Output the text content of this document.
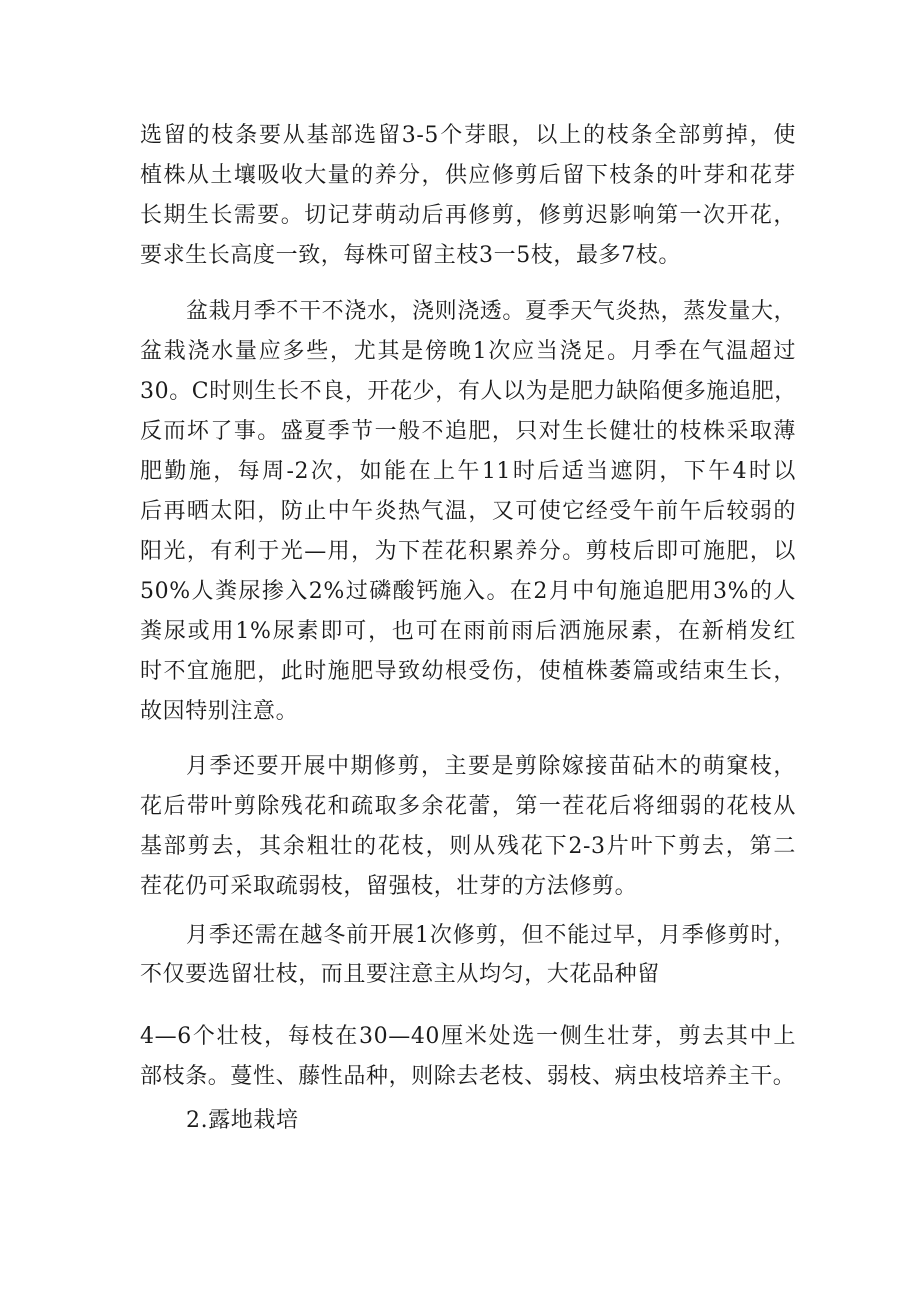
选留的枝条要从基部选留3-5个芽眼，以上的枝条全部剪掉，使
植株从土壤吸收大量的养分，供应修剪后留下枝条的叶芽和花芽
长期生长需要。切记芽萌动后再修剪，修剪迟影响第一次开花，
要求生长高度一致，每株可留主枝3一5枝，最多7枝。
盆栽月季不干不浇水，浇则浇透。夏季天气炎热，蒸发量大，
盆栽浇水量应多些，尤其是傍晚1次应当浇足。月季在气温超过
30。C时则生长不良，开花少，有人以为是肥力缺陷便多施追肥，
反而坏了事。盛夏季节一般不追肥，只对生长健壮的枝株采取薄
肥勤施，每周-2次，如能在上午11时后适当遮阴，下午4时以
后再晒太阳，防止中午炎热气温，又可使它经受午前午后较弱的
阳光，有利于光—用，为下茬花积累养分。剪枝后即可施肥，以
50%人粪尿掺入2%过磷酸钙施入。在2月中旬施追肥用3%的人
粪尿或用1%尿素即可，也可在雨前雨后洒施尿素，在新梢发红
时不宜施肥，此时施肥导致幼根受伤，使植株萎篇或结束生长，
故因特别注意。
月季还要开展中期修剪，主要是剪除嫁接苗砧木的萌窠枝，
花后带叶剪除残花和疏取多余花蕾，第一茬花后将细弱的花枝从
基部剪去，其余粗壮的花枝，则从残花下2-3片叶下剪去，第二
茬花仍可采取疏弱枝，留强枝，壮芽的方法修剪。
月季还需在越冬前开展1次修剪，但不能过早，月季修剪时，
不仅要选留壮枝，而且要注意主从均匀，大花品种留
4—6个壮枝，每枝在30—40厘米处选一侧生壮芽，剪去其中上
部枝条。蔓性、藤性品种，则除去老枝、弱枝、病虫枝培养主干。
2.露地栽培
